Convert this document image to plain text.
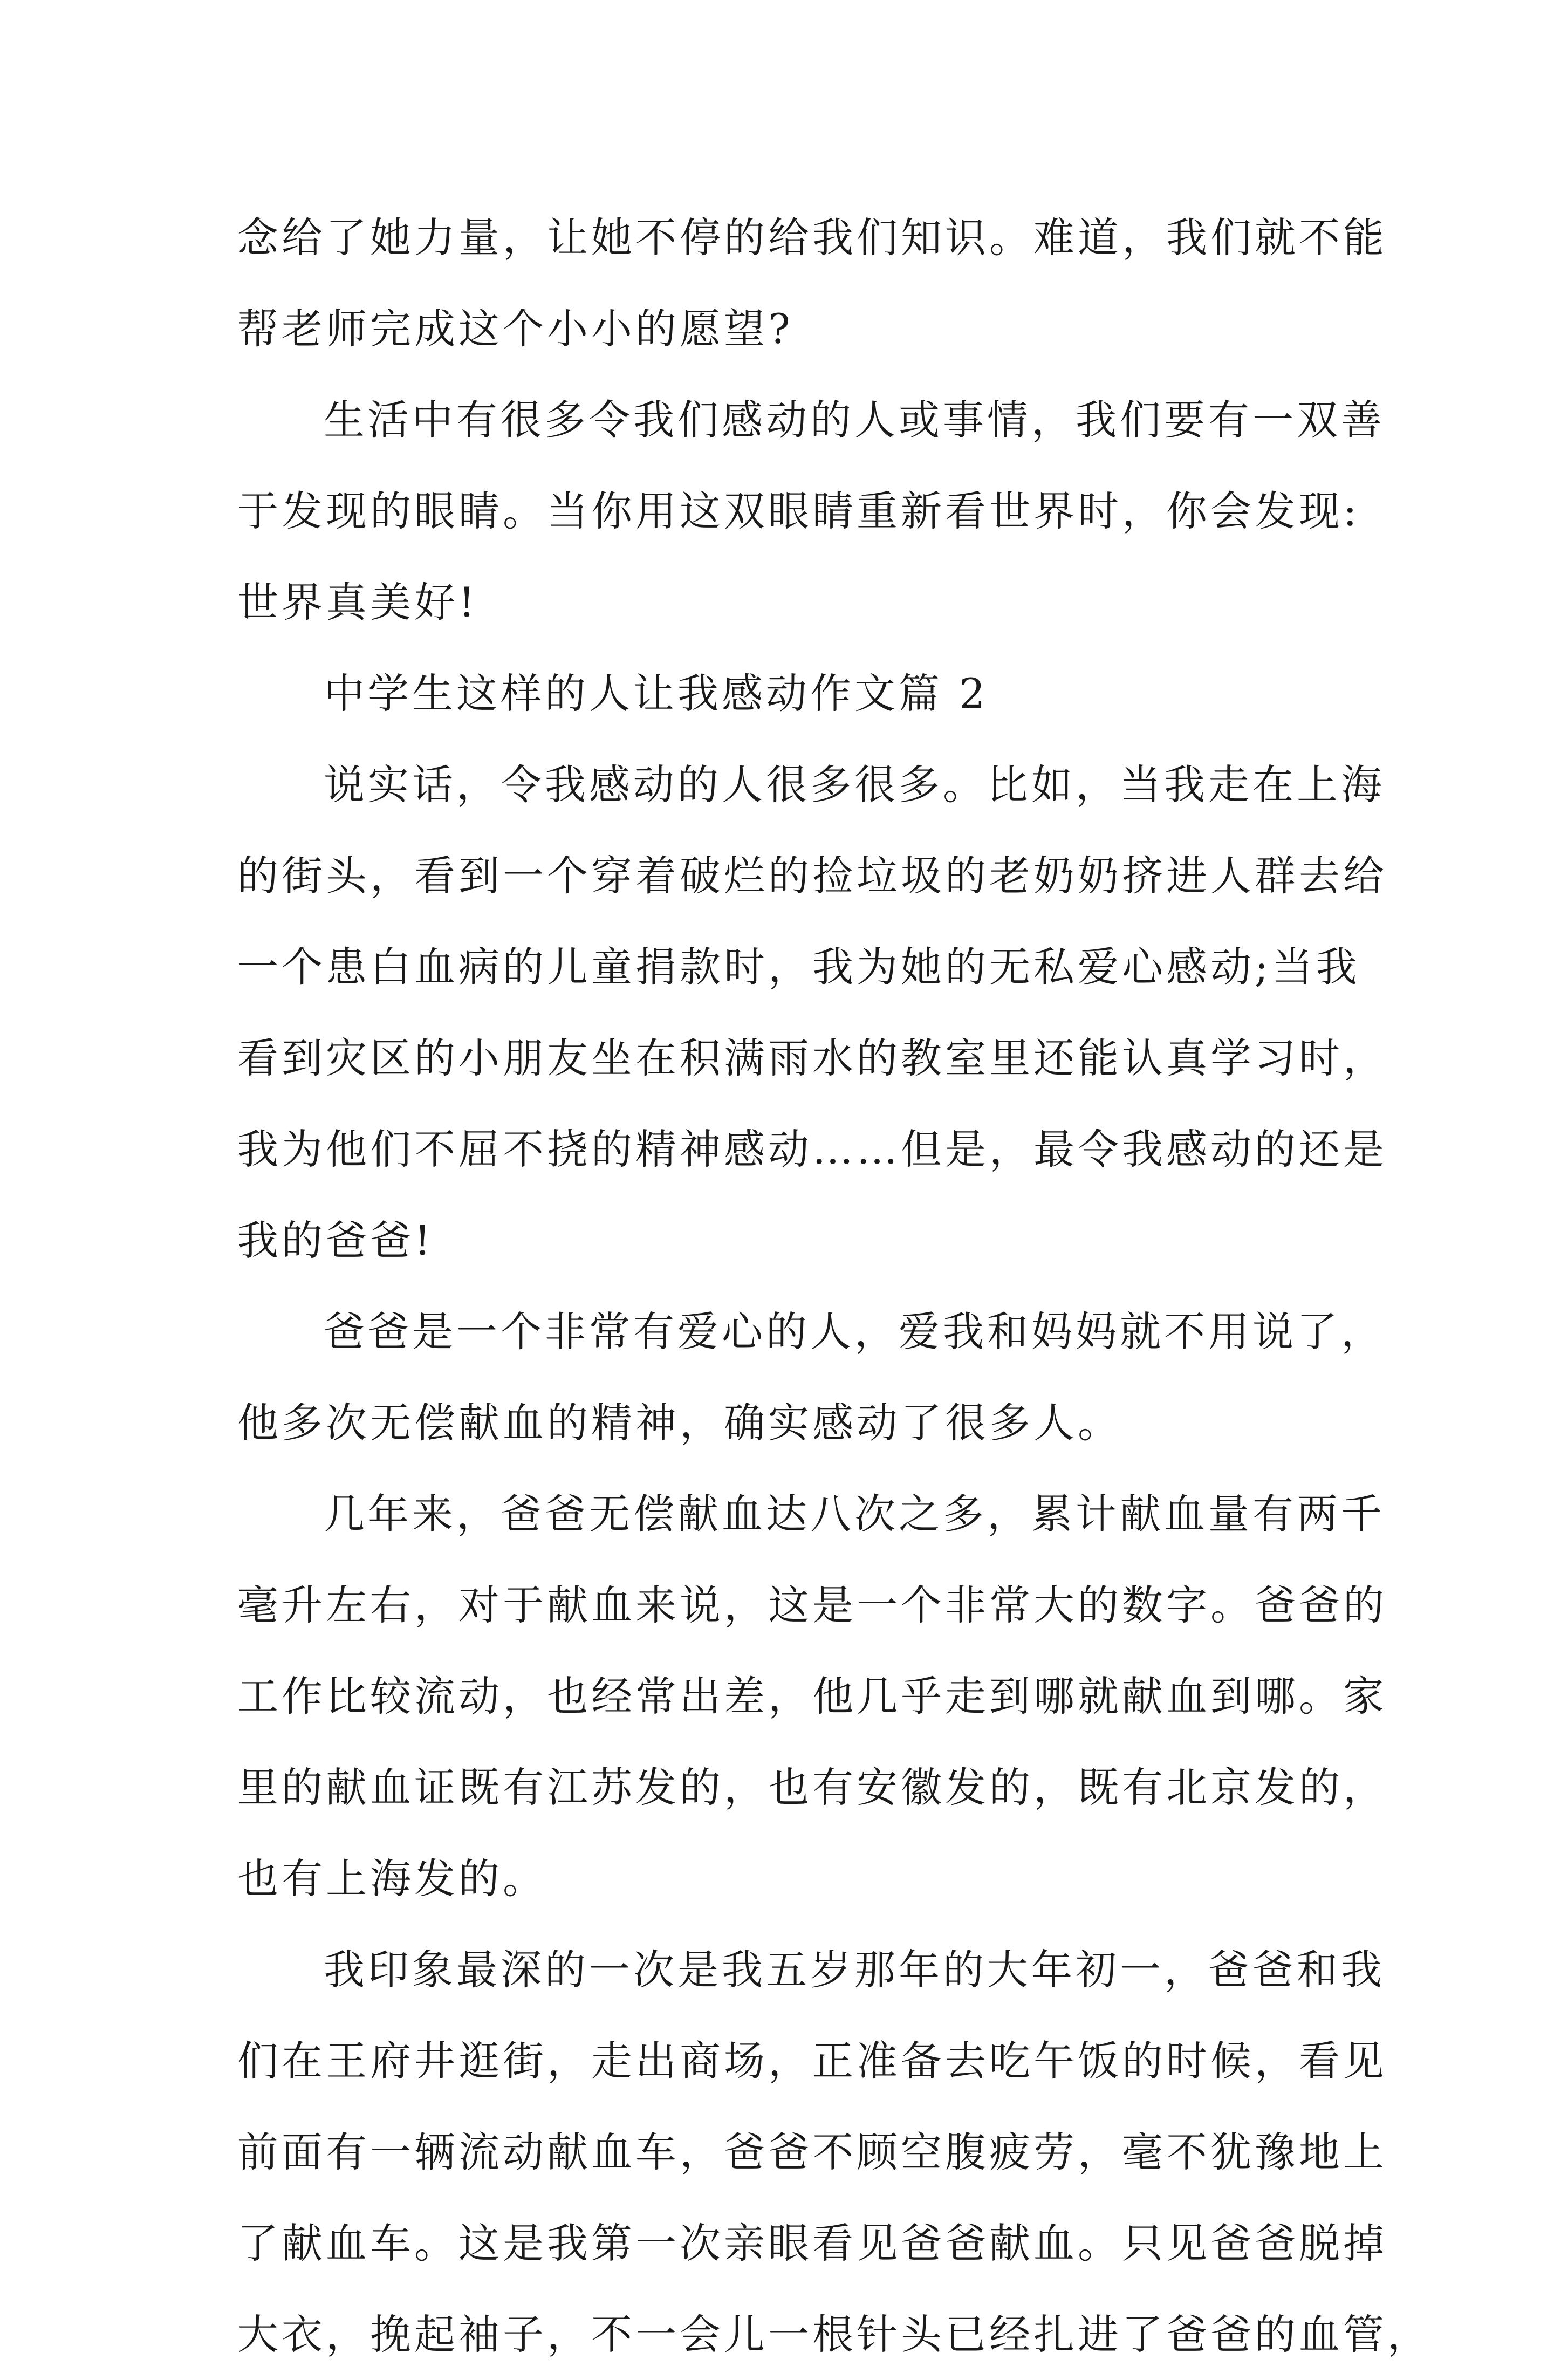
念给了她力量，让她不停的给我们知识。难道，我们就不能
帮老师完成这个小小的愿望?
生活中有很多令我们感动的人或事情，我们要有一双善
于发现的眼睛。当你用这双眼睛重新看世界时，你会发现:
世界真美好!
中学生这样的人让我感动作文篇 2
说实话，令我感动的人很多很多。比如，当我走在上海
的街头，看到一个穿着破烂的捡垃圾的老奶奶挤进人群去给
一个患白血病的儿童捐款时，我为她的无私爱心感动;当我
看到灾区的小朋友坐在积满雨水的教室里还能认真学习时，
我为他们不屈不挠的精神感动……但是，最令我感动的还是
我的爸爸!
爸爸是一个非常有爱心的人，爱我和妈妈就不用说了，
他多次无偿献血的精神，确实感动了很多人。
几年来，爸爸无偿献血达八次之多，累计献血量有两千
毫升左右，对于献血来说，这是一个非常大的数字。爸爸的
工作比较流动，也经常出差，他几乎走到哪就献血到哪。家
里的献血证既有江苏发的，也有安徽发的，既有北京发的，
也有上海发的。
我印象最深的一次是我五岁那年的大年初一，爸爸和我
们在王府井逛街，走出商场，正准备去吃午饭的时候，看见
前面有一辆流动献血车，爸爸不顾空腹疲劳，毫不犹豫地上
了献血车。这是我第一次亲眼看见爸爸献血。只见爸爸脱掉
大衣，挽起袖子，不一会儿一根针头已经扎进了爸爸的血管，
